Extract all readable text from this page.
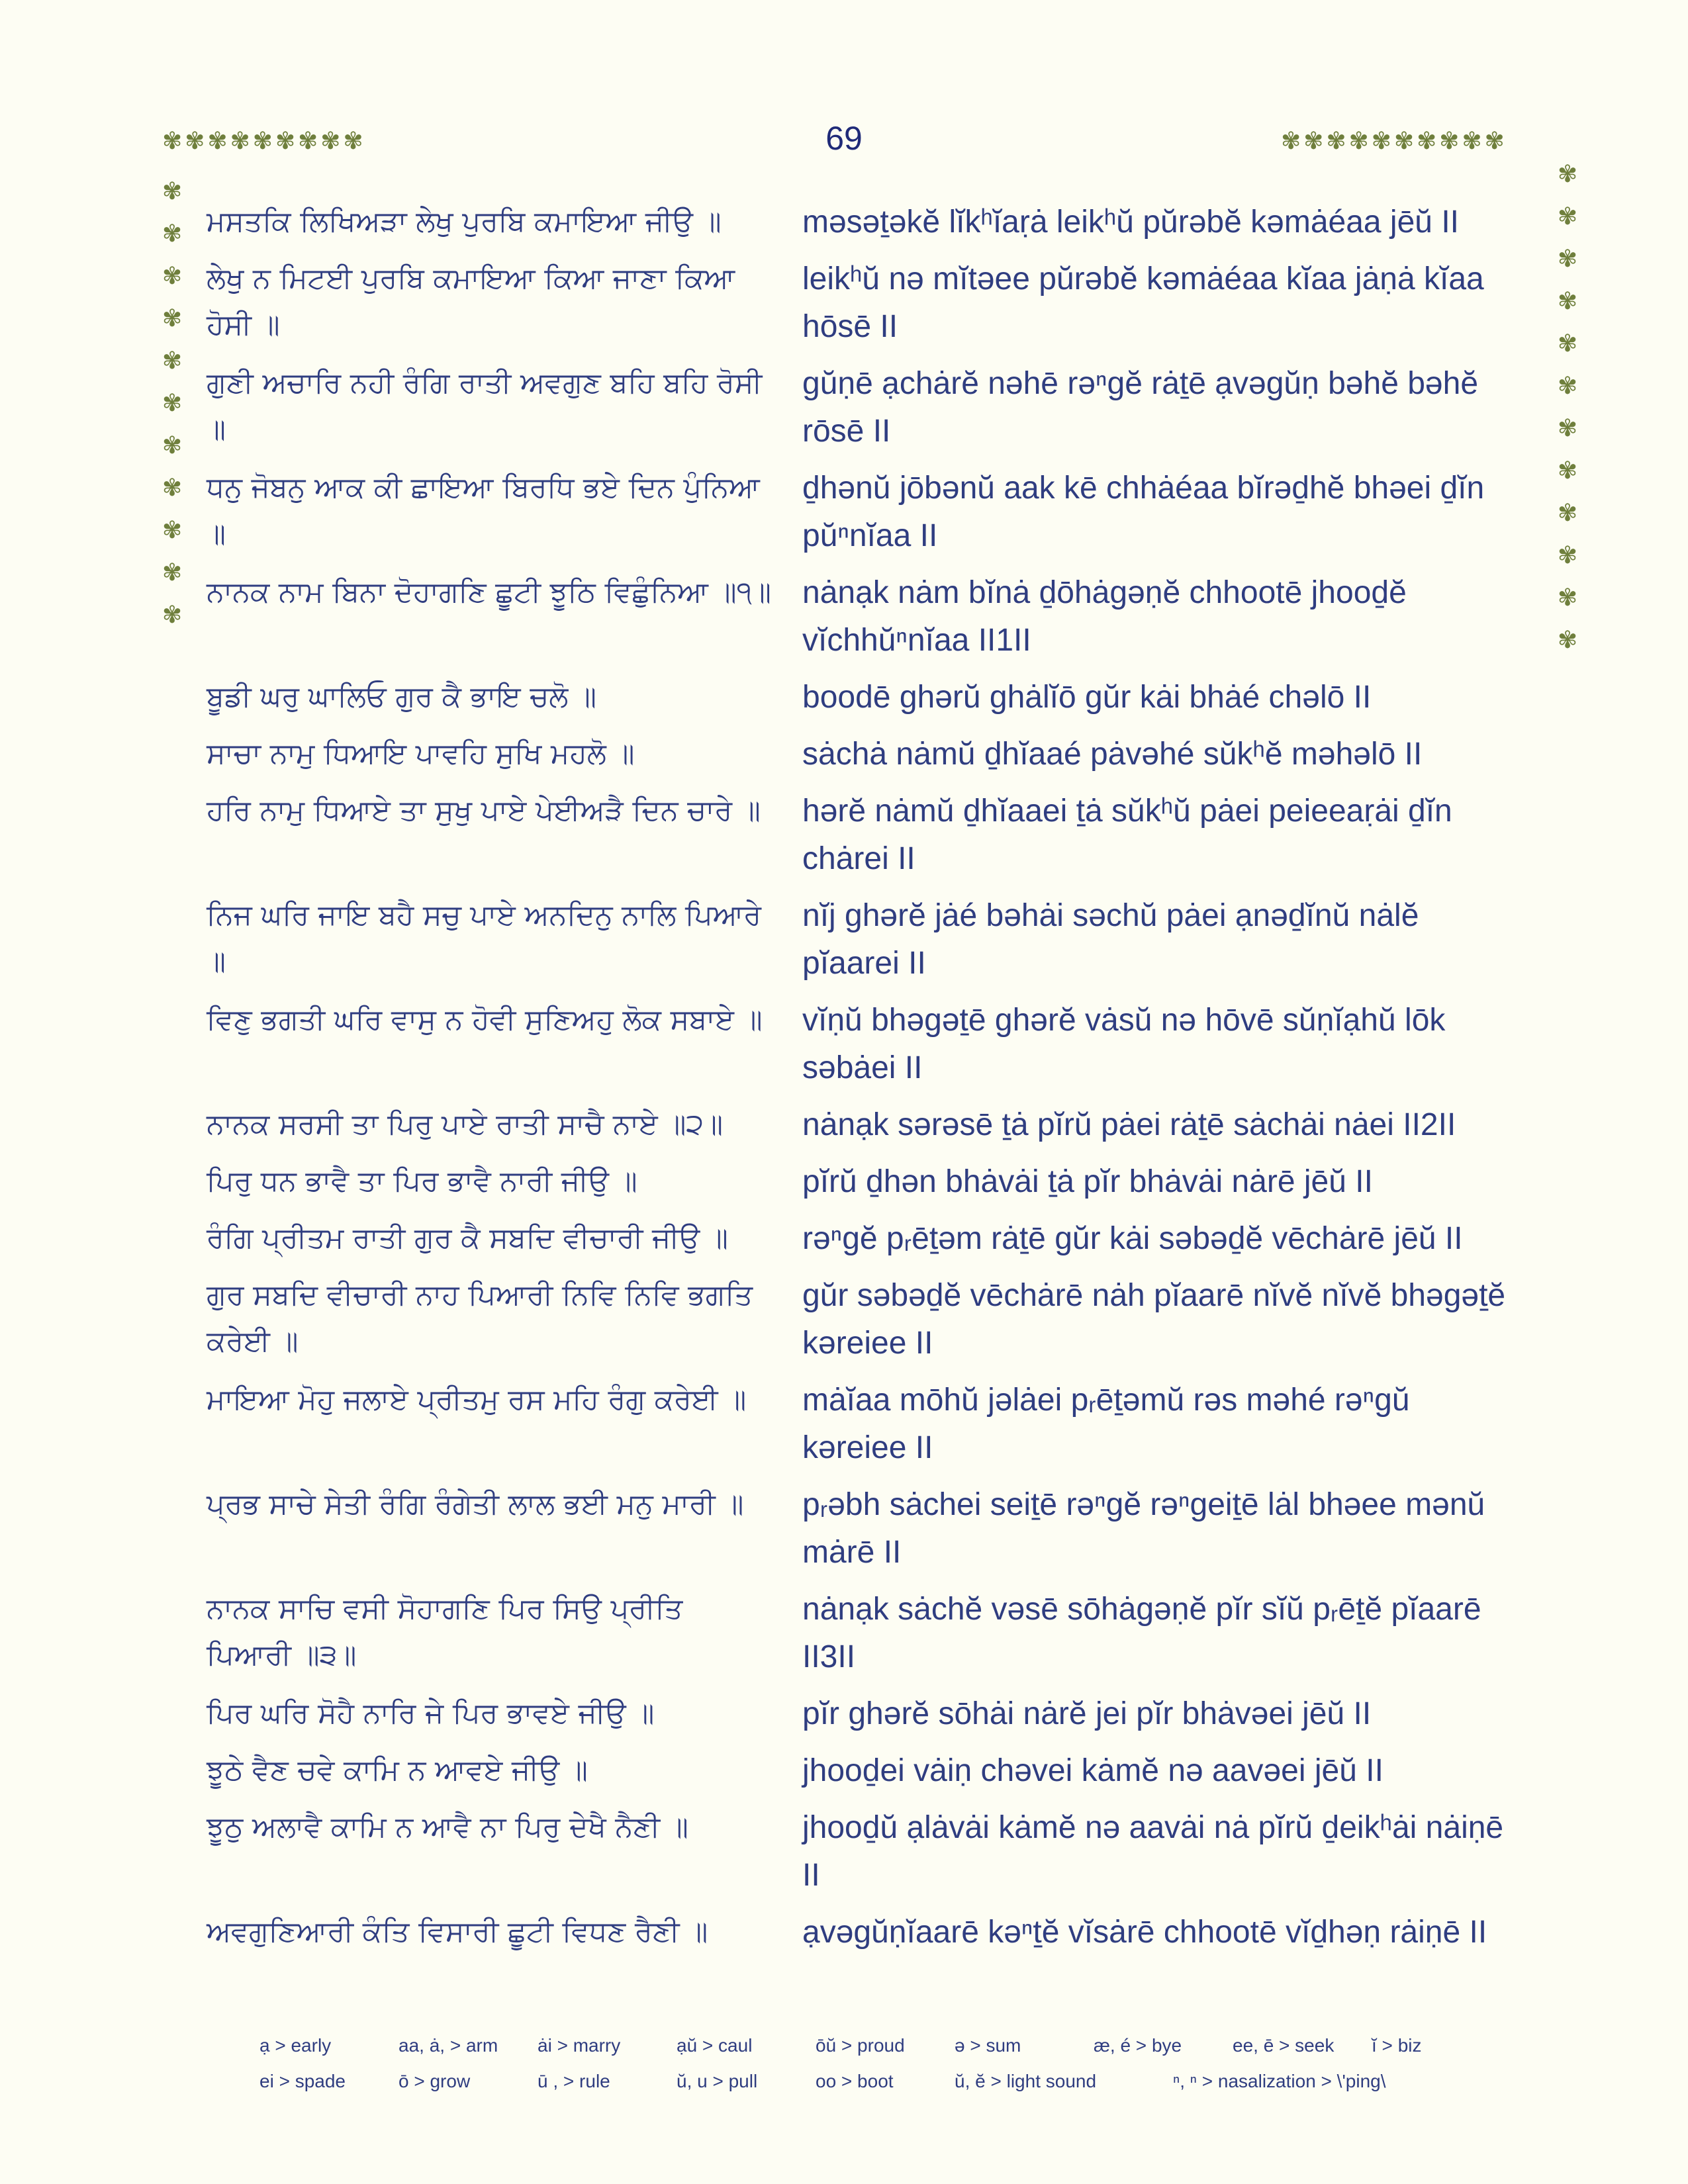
69
✾✾✾✾✾✾✾✾✾	✾✾✾✾✾✾✾✾✾✾
✾
✾
✾
✾
✾
✾
✾
✾
✾
✾
✾
✾
✾
✾
✾
✾
✾
✾
✾
✾
✾
✾
✾
ਮਸਤਕਿ ਲਿਖਿਅੜਾ ਲੇਖੁ ਪੁਰਬਿ ਕਮਾਇਆ ਜੀਉ ॥	məsəṯəkĕ lĭkʰĭaṛȧ leikʰŭ pŭrəbĕ kəmȧéaa jēŭ II
ਲੇਖੁ ਨ ਮਿਟਈ ਪੁਰਬਿ ਕਮਾਇਆ ਕਿਆ ਜਾਣਾ ਕਿਆ ਹੋਸੀ ॥
leikʰŭ nə mĭtəee pŭrəbĕ kəmȧéaa kĭaa jȧṇȧ kĭaa hōsē II
ਗੁਣੀ ਅਚਾਰਿ ਨਹੀ ਰੰਗਿ ਰਾਤੀ ਅਵਗੁਣ ਬਹਿ ਬਹਿ ਰੋਸੀ ॥
gŭṇē ạchȧrĕ nəhē rəⁿgĕ rȧṯē ạvəgŭṇ bəhĕ bəhĕ rōsē II
ਧਨੁ ਜੋਬਨੁ ਆਕ ਕੀ ਛਾਇਆ ਬਿਰਧਿ ਭਏ ਦਿਨ ਪੁੰਨਿਆ ॥
ḏhənŭ jōbənŭ aak kē chhȧéaa bĭrəḏhĕ bhəei ḏĭn pŭⁿnĭaa II
ਨਾਨਕ ਨਾਮ ਬਿਨਾ ਦੋਹਾਗਣਿ ਛੂਟੀ ਝੂਠਿ ਵਿਛੁੰਨਿਆ ॥੧॥ nȧnạk nȧm bĭnȧ ḏōhȧgəṇĕ chhootē jhooḏĕ vĭchhŭⁿnĭaa II1II
ਬੂਡੀ ਘਰੁ ਘਾਲਿਓ ਗੁਰ ਕੈ ਭਾਇ ਚਲੋ ॥	boodē ghərŭ ghȧlĭō gŭr kȧi bhȧé chəlō II
ਸਾਚਾ ਨਾਮੁ ਧਿਆਇ ਪਾਵਹਿ ਸੁਖਿ ਮਹਲੋ ॥	sȧchȧ nȧmŭ ḏhĭaaé pȧvəhé sŭkʰĕ məhəlō II
ਹਰਿ ਨਾਮੁ ਧਿਆਏ ਤਾ ਸੁਖੁ ਪਾਏ ਪੇਈਅੜੈ ਦਿਨ ਚਾਰੇ ॥	hərĕ nȧmŭ ḏhĭaaei ṯȧ sŭkʰŭ pȧei peieeaṛȧi ḏĭn chȧrei II
ਨਿਜ ਘਰਿ ਜਾਇ ਬਹੈ ਸਚੁ ਪਾਏ ਅਨਦਿਨੁ ਨਾਲਿ ਪਿਆਰੇ ॥
nĭj ghərĕ jȧé bəhȧi səchŭ pȧei ạnəḏĭnŭ nȧlĕ pĭaarei II
ਵਿਣੁ ਭਗਤੀ ਘਰਿ ਵਾਸੁ ਨ ਹੋਵੀ ਸੁਣਿਅਹੁ ਲੋਕ ਸਬਾਏ ॥	vĭṇŭ bhəgəṯē ghərĕ vȧsŭ nə hōvē sŭṇĭạhŭ lōk səbȧei II
ਨਾਨਕ ਸਰਸੀ ਤਾ ਪਿਰੁ ਪਾਏ ਰਾਤੀ ਸਾਚੈ ਨਾਏ ॥੨॥	nȧnạk sərəsē ṯȧ pĭrŭ pȧei rȧṯē sȧchȧi nȧei II2II
ਪਿਰੁ ਧਨ ਭਾਵੈ ਤਾ ਪਿਰ ਭਾਵੈ ਨਾਰੀ ਜੀਉ ॥	pĭrŭ ḏhən bhȧvȧi ṯȧ pĭr bhȧvȧi nȧrē jēŭ II
ਰੰਗਿ ਪ੍ਰੀਤਮ ਰਾਤੀ ਗੁਰ ਕੈ ਸਬਦਿ ਵੀਚਾਰੀ ਜੀਉ ॥	rəⁿgĕ pᵣēṯəm rȧṯē gŭr kȧi səbəḏĕ vēchȧrē jēŭ II
ਗੁਰ ਸਬਦਿ ਵੀਚਾਰੀ ਨਾਹ ਪਿਆਰੀ ਨਿਵਿ ਨਿਵਿ ਭਗਤਿ ਕਰੇਈ ॥
gŭr səbəḏĕ vēchȧrē nȧh pĭaarē nĭvĕ nĭvĕ bhəgəṯĕ kəreiee II
ਮਾਇਆ ਮੋਹੁ ਜਲਾਏ ਪ੍ਰੀਤਮੁ ਰਸ ਮਹਿ ਰੰਗੁ ਕਰੇਈ ॥	mȧĭaa mōhŭ jəlȧei pᵣēṯəmŭ rəs məhé rəⁿgŭ kəreiee II
ਪ੍ਰਭ ਸਾਚੇ ਸੇਤੀ ਰੰਗਿ ਰੰਗੇਤੀ ਲਾਲ ਭਈ ਮਨੁ ਮਾਰੀ ॥	pᵣəbh sȧchei seiṯē rəⁿgĕ rəⁿgeiṯē lȧl bhəee mənŭ mȧrē II
ਨਾਨਕ ਸਾਚਿ ਵਸੀ ਸੋਹਾਗਣਿ ਪਿਰ ਸਿਉ ਪ੍ਰੀਤਿ ਪਿਆਰੀ ॥੩॥
nȧnạk sȧchĕ vəsē sōhȧgəṇĕ pĭr sĭŭ pᵣēṯĕ pĭaarē II3II
ਪਿਰ ਘਰਿ ਸੋਹੈ ਨਾਰਿ ਜੇ ਪਿਰ ਭਾਵਏ ਜੀਉ ॥	pĭr ghərĕ sōhȧi nȧrĕ jei pĭr bhȧvəei jēŭ II
ਝੂਠੇ ਵੈਣ ਚਵੇ ਕਾਮਿ ਨ ਆਵਏ ਜੀਉ ॥	jhooḏei vȧiṇ chəvei kȧmĕ nə aavəei jēŭ II
ਝੂਠੁ ਅਲਾਵੈ ਕਾਮਿ ਨ ਆਵੈ ਨਾ ਪਿਰੁ ਦੇਖੈ ਨੈਣੀ ॥	jhooḏŭ ạlȧvȧi kȧmĕ nə aavȧi nȧ pĭrŭ ḏeikʰȧi nȧiṇē II
ਅਵਗੁਣਿਆਰੀ ਕੰਤਿ ਵਿਸਾਰੀ ਛੂਟੀ ਵਿਧਣ ਰੈਣੀ ॥	ạvəgŭṇĭaarē kəⁿṯĕ vĭsȧrē chhootē vĭḏhəṇ rȧiṇē II
ạ > early	aa, ȧ, > arm	ȧi > marry	ạŭ > caul	ōŭ > proud	ə > sum	æ, é > bye	ee, ē > seek	ĭ > biz
ei > spade	ō > grow	ū , > rule	ŭ, u > pull	oo > boot	ŭ, ĕ > light sound	ⁿ, ⁿ > nasalization > \'ping\
